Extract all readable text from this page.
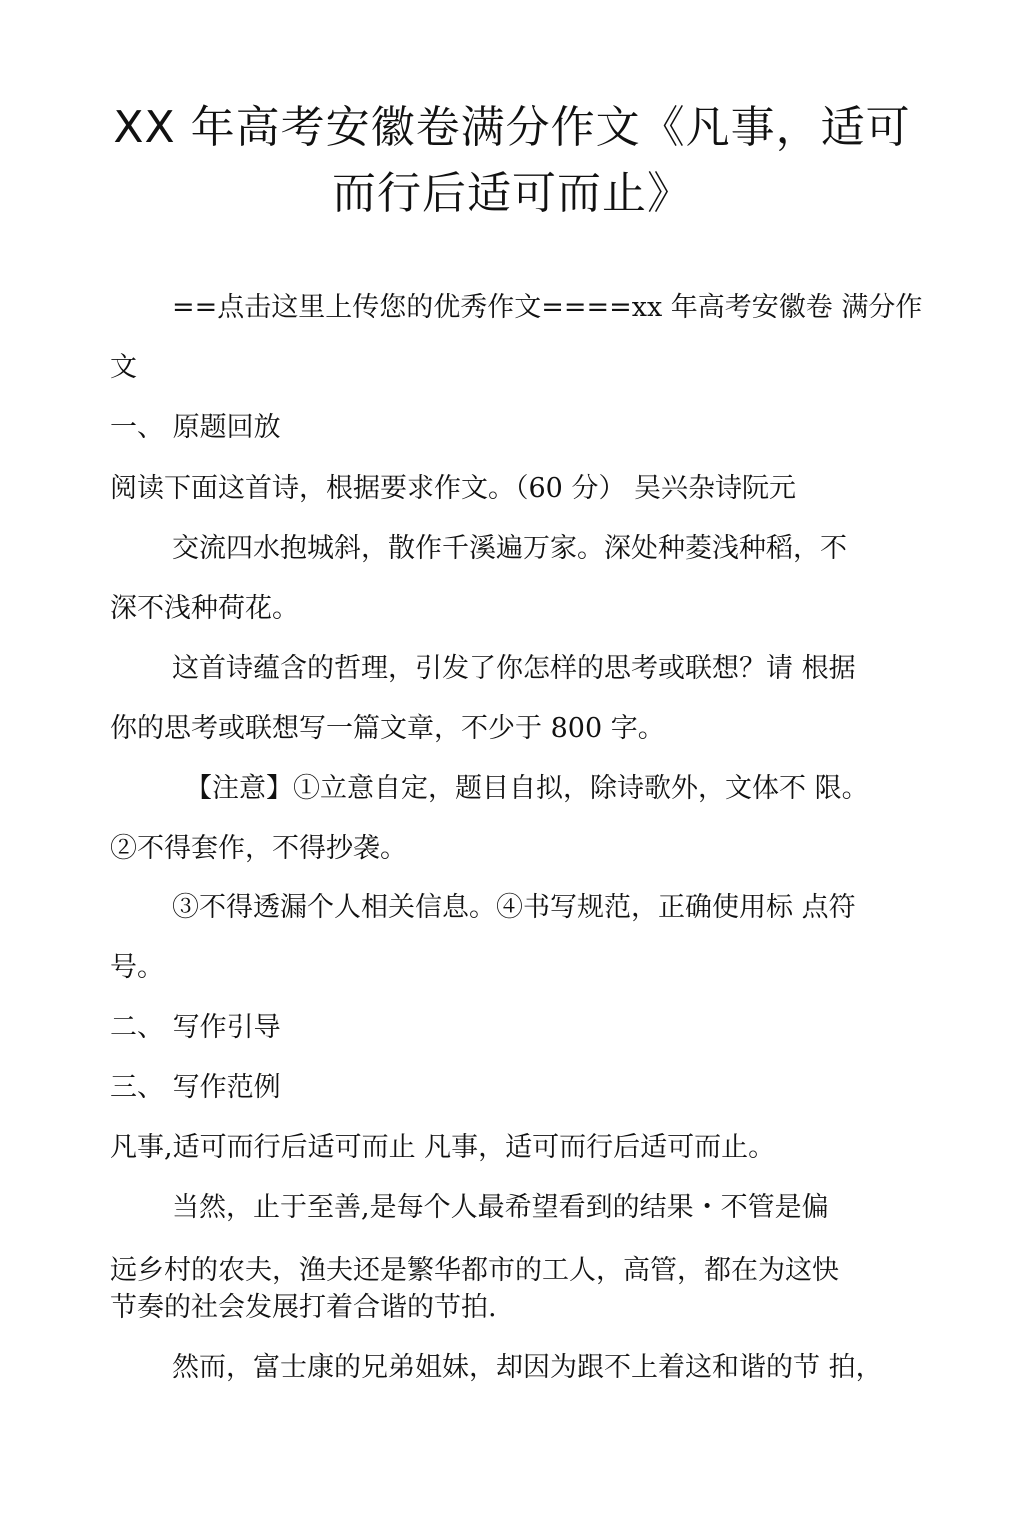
XX 年高考安徽卷满分作文《凡事，适可
而行后适可而止》

==点击这里上传您的优秀作文====xx 年高考安徽卷 满分作

文

一、 原题回放

阅读下面这首诗，根据要求作文。（60 分） 吴兴杂诗阮元

交流四水抱城斜，散作千溪遍万家。深处种菱浅种稻，不

深不浅种荷花。

这首诗蕴含的哲理，引发了你怎样的思考或联想？请 根据

你的思考或联想写一篇文章，不少于 800 字。

【注意】①立意自定，题目自拟，除诗歌外，文体不 限。

②不得套作，不得抄袭。

③不得透漏个人相关信息。④书写规范，正确使用标 点符

号。

二、 写作引导

三、 写作范例

凡事,适可而行后适可而止 凡事，适可而行后适可而止。

当然，止于至善,是每个人最希望看到的结果・不管是偏

远乡村的农夫，渔夫还是繁华都市的工人，高管，都在为这快

节奏的社会发展打着合谐的节拍.

然而，富士康的兄弟姐妹，却因为跟不上着这和谐的节 拍，
